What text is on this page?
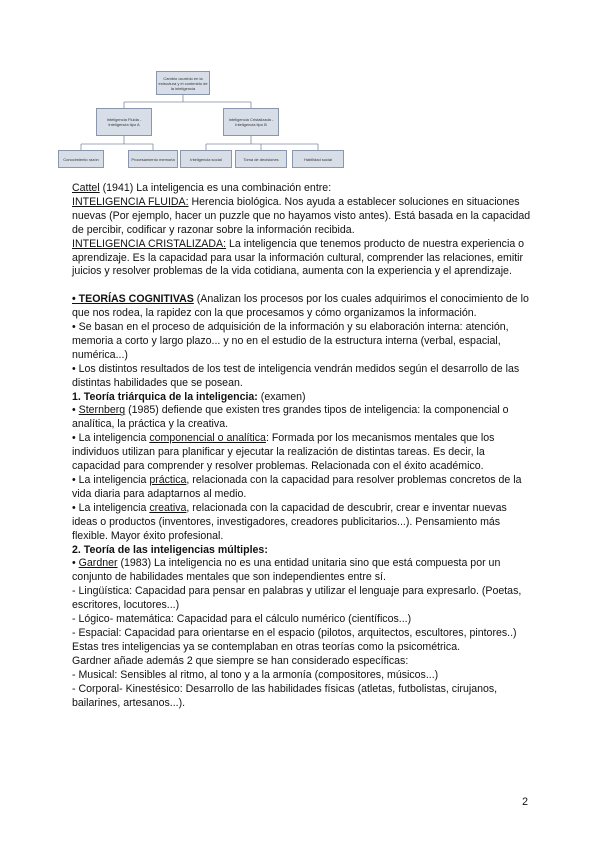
Cambio ocurrido en la estructura y el contenido de la inteligencia
Inteligencia Fluida - Inteligencia tipo A
Inteligencia Cristalizada - Inteligencia tipo B
Conocimiento razón	Procesamiento memoria	Inteligencia social	Toma de decisiones	Habilidad social

Cattel (1941) La inteligencia es una combinación entre:

INTELIGENCIA FLUIDA: Herencia biológica. Nos ayuda a establecer soluciones en situaciones nuevas (Por ejemplo, hacer un puzzle que no hayamos visto antes). Está basada en la capacidad de percibir, codificar y razonar sobre la información recibida.

INTELIGENCIA CRISTALIZADA: La inteligencia que tenemos producto de nuestra experiencia o aprendizaje. Es la capacidad para usar la información cultural, comprender las relaciones, emitir juicios y resolver problemas de la vida cotidiana, aumenta con la experiencia y el aprendizaje.

• TEORÍAS COGNITIVAS (Analizan los procesos por los cuales adquirimos el conocimiento de lo que nos rodea, la rapidez con la que procesamos y cómo organizamos la información.

• Se basan en el proceso de adquisición de la información y su elaboración interna: atención, memoria a corto y largo plazo... y no en el estudio de la estructura interna (verbal, espacial, numérica...)

• Los distintos resultados de los test de inteligencia vendrán medidos según el desarrollo de las distintas habilidades que se posean.

1. Teoría triárquica de la inteligencia: (examen)

• Sternberg (1985) defiende que existen tres grandes tipos de inteligencia: la componencial o analítica, la práctica y la creativa.

• La inteligencia componencial o analítica: Formada por los mecanismos mentales que los individuos utilizan para planificar y ejecutar la realización de distintas tareas. Es decir, la capacidad para comprender y resolver problemas. Relacionada con el éxito académico.

• La inteligencia práctica, relacionada con la capacidad para resolver problemas concretos de la vida diaria para adaptarnos al medio.

• La inteligencia creativa, relacionada con la capacidad de descubrir, crear e inventar nuevas ideas o productos (inventores, investigadores, creadores publicitarios...). Pensamiento más flexible. Mayor éxito profesional.

2. Teoría de las inteligencias múltiples:

• Gardner (1983) La inteligencia no es una entidad unitaria sino que está compuesta por un conjunto de habilidades mentales que son independientes entre sí.

- Lingüística: Capacidad para pensar en palabras y utilizar el lenguaje para expresarlo. (Poetas, escritores, locutores...)

- Lógico- matemática: Capacidad para el cálculo numérico (científicos...)

- Espacial: Capacidad para orientarse en el espacio (pilotos, arquitectos, escultores, pintores..)

Estas tres inteligencias ya se contemplaban en otras teorías como la psicométrica.

Gardner añade además 2 que siempre se han considerado específicas:

- Musical: Sensibles al ritmo, al tono y a la armonía (compositores, músicos...)

- Corporal- Kinestésico: Desarrollo de las habilidades físicas (atletas, futbolistas, cirujanos, bailarines, artesanos...).

2
